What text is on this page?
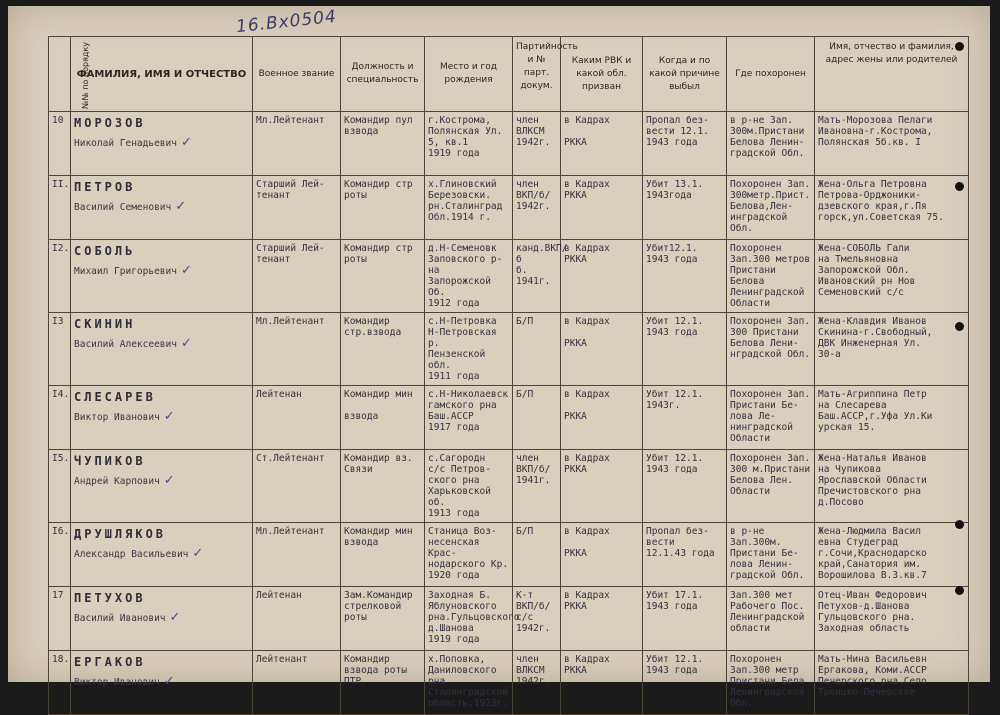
16.Вх0504
№№ по порядку	ФАМИЛИЯ, ИМЯ И ОТЧЕСТВО	Военное звание	Должность и специальность	Место и год рождения	Партийность и № парт. докум.	Каким РВК и какой обл. призван	Когда и по какой причине выбыл	Где похоронен	Имя, отчество и фамилия, адрес жены или родителей
10	МОРОЗОВ
Николай Генадьевич ✓	Мл.Лейтенант	Командир пул
взвода	г.Кострома,
Полянская Ул.
5, кв.1
1919 года	член
ВЛКСМ
1942г.	в Кадрах

РККА	Пропал без-
вести 12.1.
1943 года	в р-не Зап.
300м.Пристани
Белова Ленин-
градской Обл.	Мать-Морозова Пелаги
Ивановна-г.Кострома,
Полянская 5б.кв. I
II.	ПЕТРОВ
Василий Семенович ✓	Старший Лей-
тенант	Командир стр
роты	х.Глиновский
Березовски.
рн.Сталинград
Обл.1914 г.	член
ВКП/б/
1942г.	в Кадрах
РККА	Убит 13.1.
1943года	Похоронен Зап.
300метр.Прист.
Белова,Лен-
инградской Обл.	Жена-Ольга Петровна
Петрова-Орджоники-
дзевского края,г.Пя
горск,ул.Советская 75.
I2.	СОБОЛЬ
Михаил Григорьевич ✓	Старший Лей-
тенант	Командир стр
роты	д.Н-Семеновк
Заповского р-на
Запорожской Об.
1912 года	канд.ВКП/б
б.
1941г.	в Кадрах
РККА	Убит12.1.
1943 года	Похоронен
Зап.300 метров
Пристани Белова
Ленинградской
Области	Жена-СОБОЛЬ Гали
на Тмельяновна
Запорожской Обл.
Ивановский рн Нов
Семеновский с/с
I3	СКИНИН
Василий Алексеевич ✓	Мл.Лейтенант	Командир
стр.взвода	с.Н-Петровка
Н-Петровская р.
Пензенской обл.
1911 года	Б/П	в Кадрах

РККА	Убит 12.1.
1943 года	Похоронен Зап.
300 Пристани
Белова Лени-
нградской Обл.	Жена-Клавдия Иванов
Скинина-г.Свободный,
ДВК Инженерная Ул.
30-а
I4.	СЛЕСАРЕВ
Виктор Иванович ✓	Лейтенан	Командир мин

взвода	с.Н-Николаевск
гамского рна
Баш.АССР
1917 года	Б/П	в Кадрах

РККА	Убит 12.1.
1943г.	Похоронен Зап.
Пристани Бе-
лова Ле-
нинградской
Области	Мать-Агриппина Петр
на Слесарева
Баш.АССР,г.Уфа Ул.Ки
урская 15.
I5.	ЧУПИКОВ
Андрей Карпович ✓	Ст.Лейтенант	Командир вз.
Связи	с.Сагородн
с/с Петров-
ского рна
Харьковской об.
1913 года	член
ВКП/б/
1941г.	в Кадрах
РККА	Убит 12.1.
1943 года	Похоронен Зап.
300 м.Пристани
Белова Лен.
Области	Жена-Наталья Иванов
на Чупикова
Ярославской Области
Пречистовского рна
д.Посово
I6.	ДРУШЛЯКОВ
Александр Васильевич ✓	Мл.Лейтенант	Командир мин
взвода	Станица Воз-
несенская Крас-
нодарского Кр.
1920 года	Б/П	в Кадрах

РККА	Пропал без-
вести
12.1.43 года	в р-не Зап.300м.
Пристани Бе-
лова Ленин-
градской Обл.	Жена-Людмила Васил
евна Студеград
г.Сочи,Краснодарско
край,Санатория им.
Ворошилова В.3.кв.7
17	ПЕТУХОВ
Василий Иванович ✓	Лейтенан	Зам.Командир
стрелковой
роты	Заходная Б.
Яблуновского
рна.Гульцовского
д.Шанова
1919 года	К-т
ВКП/б/
с/с
1942г.	в Кадрах
РККА	Убит 17.1.
1943 года	Зап.300 мет
Рабочего Пос.
Ленинградской
области	Отец-Иван Федорович
Петухов-д.Шанова
Гульцовского рна.
Заходная область
18.	ЕРГАКОВ
Виктор Иванович ✓	Лейтенант	Командир
взвода роты
ПТР	х.Поповка,
Даниловского рна
Сталинградской
область.1923г.	член ВЛКСМ
1942г.	в Кадрах
РККА	Убит 12.1.
1943 года	Похоронен
Зап.300 метр
Пристани Бела
Ленинградской
Обл.	Мать-Нина Васильевн
Ергакова, Коми.АССР
Печерского рна.Село
Троицко-Печерское
